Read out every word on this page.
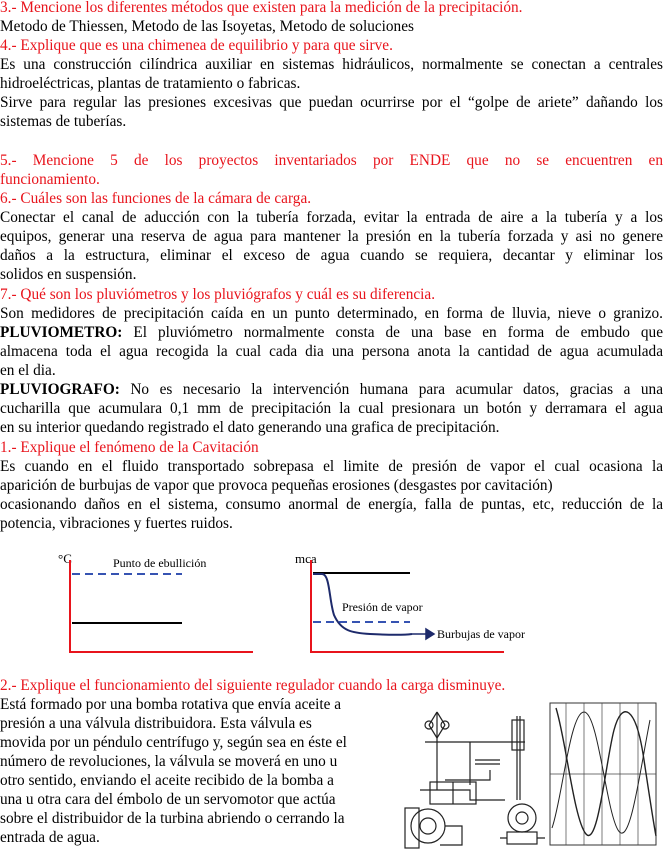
3.- Mencione los diferentes métodos que existen para la medición de la precipitación.

Metodo de Thiessen, Metodo de las Isoyetas, Metodo de soluciones

4.- Explique que es una chimenea de equilibrio y para que sirve.

Es una construcción cilíndrica auxiliar en sistemas hidráulicos, normalmente se conectan a centrales

hidroeléctricas, plantas de tratamiento o fabricas.

Sirve para regular las presiones excesivas que puedan ocurrirse por el “golpe de ariete” dañando los

sistemas de tuberías.

5.- Mencione 5 de los proyectos inventariados por ENDE que no se encuentren en

funcionamiento.

6.- Cuáles son las funciones de la cámara de carga.

Conectar el canal de aducción con la tubería forzada, evitar la entrada de aire a la tubería y a los

equipos, generar una reserva de agua para mantener la presión en la tubería forzada y asi no genere

daños a la estructura, eliminar el exceso de agua cuando se requiera, decantar y eliminar los

solidos en suspensión.

7.- Qué son los pluviómetros y los pluviógrafos y cuál es su diferencia.

Son medidores de precipitación caída en un punto determinado, en forma de lluvia, nieve o granizo.

PLUVIOMETRO: El pluviómetro normalmente consta de una base en forma de embudo que

almacena toda el agua recogida la cual cada dia una persona anota la cantidad de agua acumulada

en el dia.

PLUVIOGRAFO: No es necesario la intervención humana para acumular datos, gracias a una

cucharilla que acumulara 0,1 mm de precipitación la cual presionara un botón y derramara el agua

en su interior quedando registrado el dato generando una grafica de precipitación.

1.- Explique el fenómeno de la Cavitación

Es cuando en el fluido transportado sobrepasa el limite de presión de vapor el cual ocasiona la

aparición de burbujas de vapor que provoca pequeñas erosiones (desgastes por cavitación)

ocasionando daños en el sistema, consumo anormal de energía, falla de puntas, etc, reducción de la

potencia, vibraciones y fuertes ruidos.

°C	Punto de ebullición	mca
Presión de vapor
Burbujas de vapor

2.- Explique el funcionamiento del siguiente regulador cuando la carga disminuye.

Está formado por una bomba rotativa que envía aceite a

presión a una válvula distribuidora. Esta válvula es

movida por un péndulo centrífugo y, según sea en éste el

número de revoluciones, la válvula se moverá en uno u

otro sentido, enviando el aceite recibido de la bomba a

una u otra cara del émbolo de un servomotor que actúa

sobre el distribuidor de la turbina abriendo o cerrando la

entrada de agua.
